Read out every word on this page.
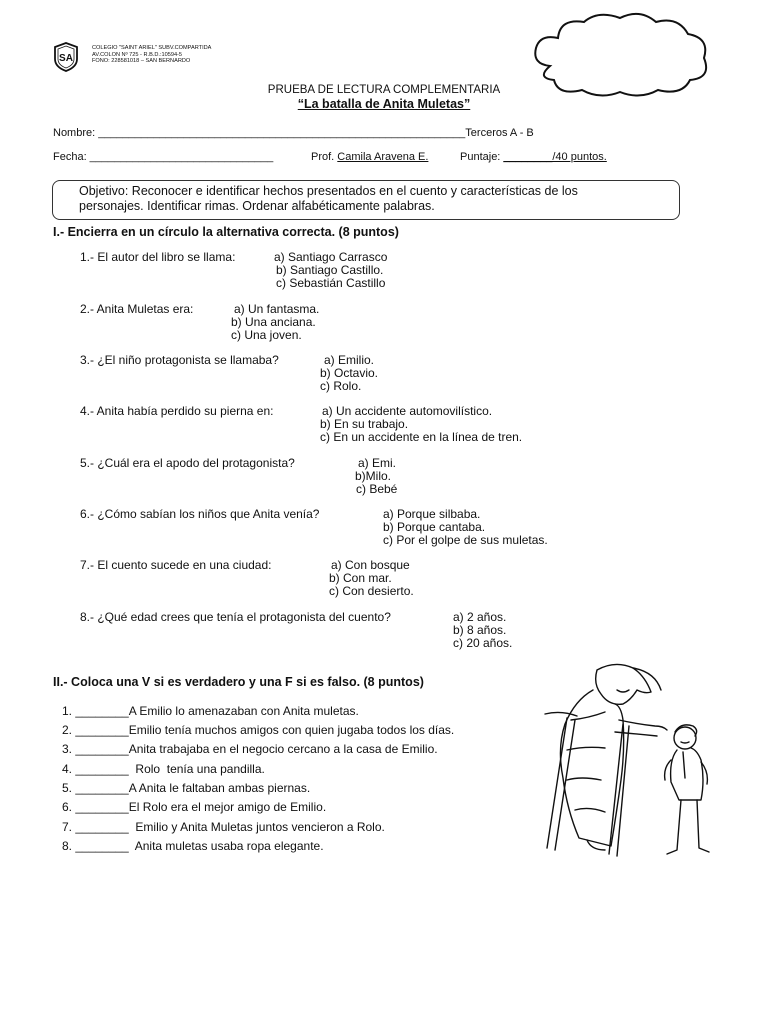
SA
COLEGIO "SAINT ARIEL" SUBV.COMPARTIDA
AV.COLON Nº 725 - R.B.D.:10594-5
FONO: 228581018 – SAN BERNARDO
PRUEBA DE LECTURA COMPLEMENTARIA
“La batalla de Anita Muletas”
Nombre: ____________________________________________________________Terceros A - B
Fecha: ______________________________	Prof. Camila Aravena E.	Puntaje: ________/40 puntos.
Objetivo: Reconocer e identificar hechos presentados en el cuento y características de los
personajes. Identificar rimas. Ordenar alfabéticamente palabras.
I.- Encierra en un círculo la alternativa correcta. (8 puntos)
1.- El autor del libro se llama:	a) Santiago Carrasco
b) Santiago Castillo.
c) Sebastián Castillo
2.- Anita Muletas era:	a) Un fantasma.
b) Una anciana.
c) Una joven.
3.- ¿El niño protagonista se llamaba?	a) Emilio.
b) Octavio.
c) Rolo.
4.- Anita había perdido su pierna en:	a) Un accidente automovilístico.
b) En su trabajo.
c) En un accidente en la línea de tren.
5.- ¿Cuál era el apodo del protagonista?	a) Emi.
b)Milo.
c) Bebé
6.- ¿Cómo sabían los niños que Anita venía?	a) Porque silbaba.
b) Porque cantaba.
c) Por el golpe de sus muletas.
7.- El cuento sucede en una ciudad:	a) Con bosque
b) Con mar.
c) Con desierto.
8.- ¿Qué edad crees que tenía el protagonista del cuento?	a) 2 años.
b) 8 años.
c) 20 años.
II.- Coloca una V si es verdadero y una F si es falso. (8 puntos)
1. ________A Emilio lo amenazaban con Anita muletas.
2. ________Emilio tenía muchos amigos con quien jugaba todos los días.
3. ________Anita trabajaba en el negocio cercano a la casa de Emilio.
4. ________  Rolo  tenía una pandilla.
5. ________A Anita le faltaban ambas piernas.
6. ________El Rolo era el mejor amigo de Emilio.
7. ________  Emilio y Anita Muletas juntos vencieron a Rolo.
8. ________  Anita muletas usaba ropa elegante.
